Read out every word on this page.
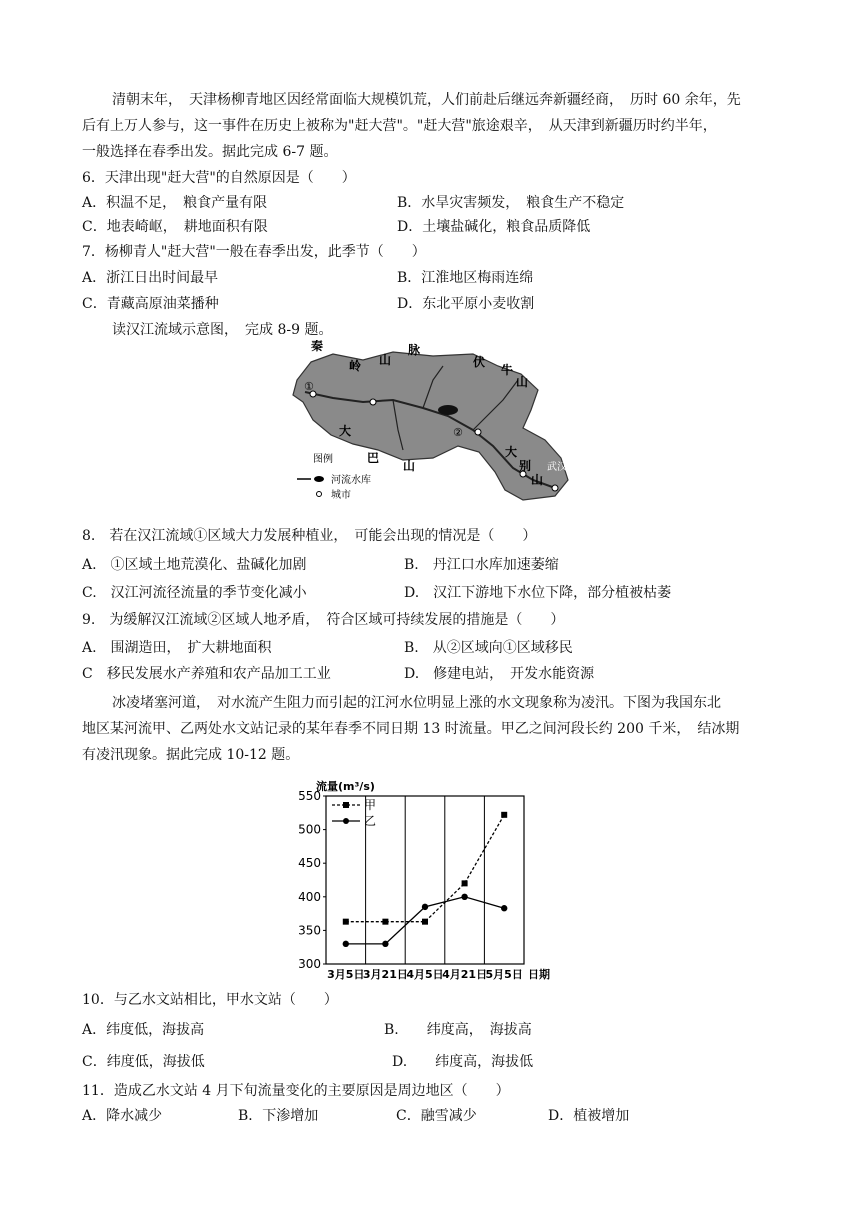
清朝末年，　天津杨柳青地区因经常面临大规模饥荒，人们前赴后继远奔新疆经商，　历时 60 余年，先
后有上万人参与，这一事件在历史上被称为"赶大营"。"赶大营"旅途艰辛，　从天津到新疆历时约半年，
一般选择在春季出发。据此完成 6-7 题。
6．天津出现"赶大营"的自然原因是（　　）
A．积温不足，　粮食产量有限	B．水旱灾害频发，　粮食生产不稳定
C．地表崎岖，　耕地面积有限	D．土壤盐碱化，粮食品质降低
7．杨柳青人"赶大营"一般在春季出发，此季节（　　）
A．浙江日出时间最早	B．江淮地区梅雨连绵
C．青藏高原油菜播种	D．东北平原小麦收割
读汉江流域示意图，　完成 8-9 题。
秦
岭 山
脉
伏
牛
山
大
巴
山
大
别
山
武汉
①
②
图例
河流水库
城市
8.　若在汉江流域①区域大力发展种植业，　可能会出现的情况是（　　）
A.　①区域土地荒漠化、盐碱化加剧	B.　丹江口水库加速萎缩
C.　汉江河流径流量的季节变化减小	D.　汉江下游地下水位下降，部分植被枯萎
9.　为缓解汉江流域②区域人地矛盾，　符合区域可持续发展的措施是（　　）
A.　围湖造田，　扩大耕地面积	B.　从②区域向①区域移民
C　移民发展水产养殖和农产品加工工业	D.　修建电站，　开发水能资源
冰凌堵塞河道，　对水流产生阻力而引起的江河水位明显上涨的水文现象称为凌汛。下图为我国东北
地区某河流甲、乙两处水文站记录的某年春季不同日期 13 时流量。甲乙之间河段长约 200 千米，　结冰期
有凌汛现象。据此完成 10-12 题。
300
350
400
450
500
550
3月5日
3月21日
4月5日
4月21日
5月5日
流量(m³/s)
日期
甲
乙
10．与乙水文站相比，甲水文站（　　）
A．纬度低，海拔高	B.　　纬度高，　海拔高
C．纬度低，海拔低	D.　　纬度高，海拔低
11．造成乙水文站 4 月下旬流量变化的主要原因是周边地区（　　）
A．降水减少	B．下渗增加	C．融雪减少	D．植被增加
